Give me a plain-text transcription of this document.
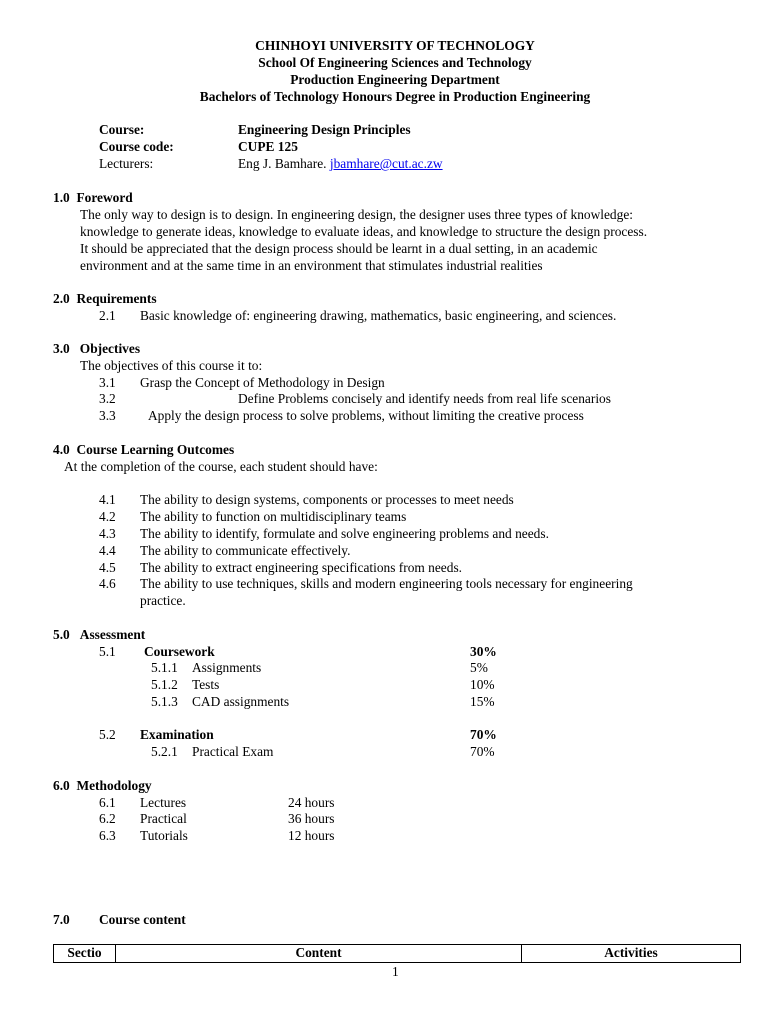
CHINHOYI UNIVERSITY OF TECHNOLOGY
School Of Engineering Sciences and Technology
Production Engineering Department
Bachelors of Technology Honours Degree in Production Engineering
Course:	Engineering Design Principles
Course code:	CUPE 125
Lecturers:	Eng J. Bamhare. jbamhare@cut.ac.zw
1.0 Foreword
The only way to design is to design. In engineering design, the designer uses three types of knowledge:
knowledge to generate ideas, knowledge to evaluate ideas, and knowledge to structure the design process.
It should be appreciated that the design process should be learnt in a dual setting, in an academic
environment and at the same time in an environment that stimulates industrial realities
2.0 Requirements
2.1 Basic knowledge of: engineering drawing, mathematics, basic engineering, and sciences.
3.0 Objectives
The objectives of this course it to:
3.1 Grasp the Concept of Methodology in Design
3.2	Define Problems concisely and identify needs from real life scenarios
3.3 Apply the design process to solve problems, without limiting the creative process
4.0 Course Learning Outcomes
At the completion of the course, each student should have:
4.1 The ability to design systems, components or processes to meet needs
4.2 The ability to function on multidisciplinary teams
4.3 The ability to identify, formulate and solve engineering problems and needs.
4.4 The ability to communicate effectively.
4.5 The ability to extract engineering specifications from needs.
4.6 The ability to use techniques, skills and modern engineering tools necessary for engineering
practice.
5.0 Assessment
5.1 Coursework	30%
5.1.1 Assignments	5%
5.1.2 Tests	10%
5.1.3 CAD assignments	15%
5.2 Examination	70%
5.2.1 Practical Exam	70%
6.0 Methodology
6.1 Lectures	24 hours
6.2 Practical	36 hours
6.3 Tutorials	12 hours
7.0 Course content
Sectio	Content	Activities
1
